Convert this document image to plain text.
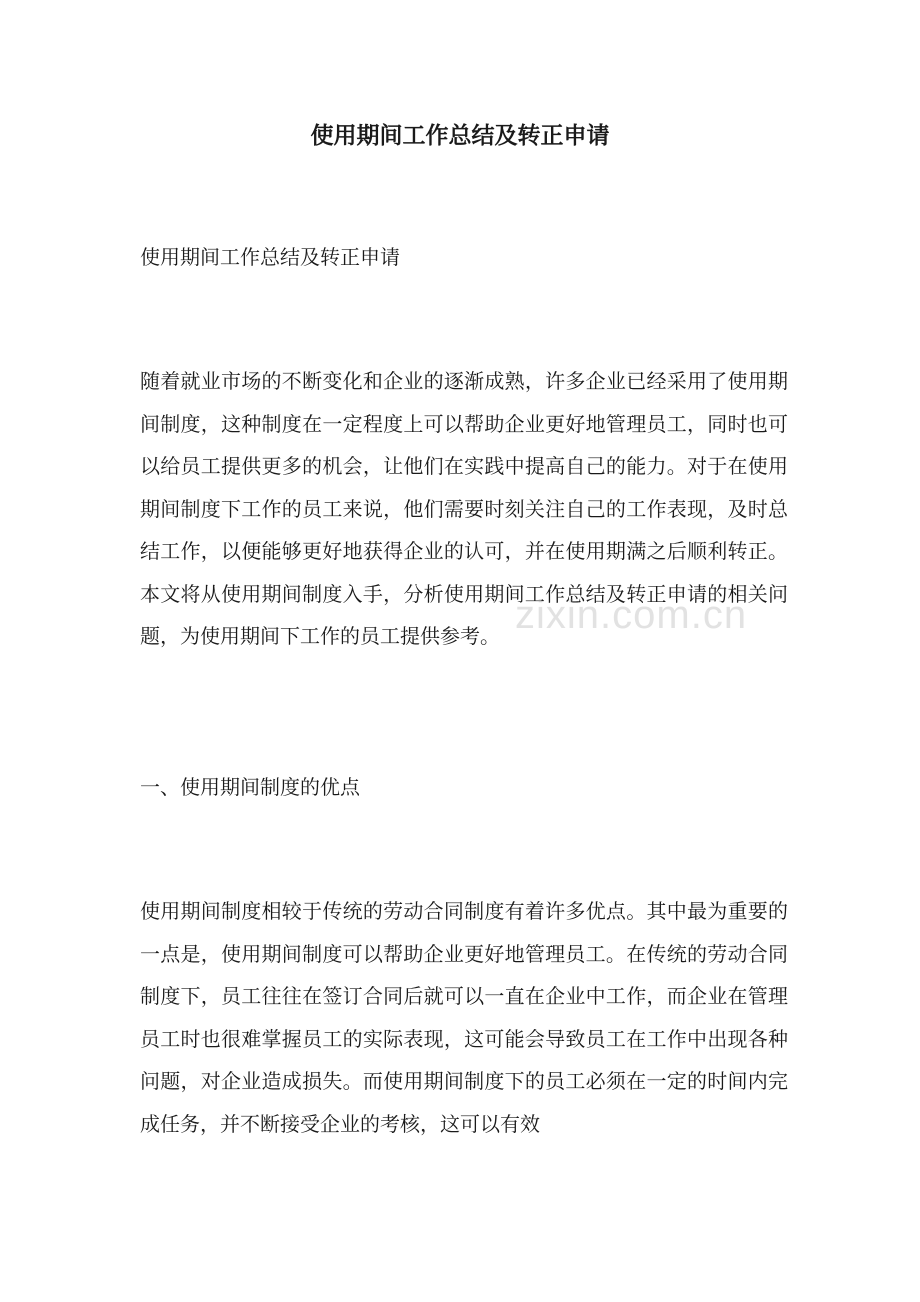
使用期间工作总结及转正申请

使用期间工作总结及转正申请

随着就业市场的不断变化和企业的逐渐成熟，许多企业已经采用了使用期间制度，这种制度在一定程度上可以帮助企业更好地管理员工，同时也可以给员工提供更多的机会，让他们在实践中提高自己的能力。对于在使用期间制度下工作的员工来说，他们需要时刻关注自己的工作表现，及时总结工作，以便能够更好地获得企业的认可，并在使用期满之后顺利转正。本文将从使用期间制度入手，分析使用期间工作总结及转正申请的相关问题，为使用期间下工作的员工提供参考。

一、使用期间制度的优点

使用期间制度相较于传统的劳动合同制度有着许多优点。其中最为重要的一点是，使用期间制度可以帮助企业更好地管理员工。在传统的劳动合同制度下，员工往往在签订合同后就可以一直在企业中工作，而企业在管理员工时也很难掌握员工的实际表现，这可能会导致员工在工作中出现各种问题，对企业造成损失。而使用期间制度下的员工必须在一定的时间内完成任务，并不断接受企业的考核，这可以有效

zixin.com.cn
